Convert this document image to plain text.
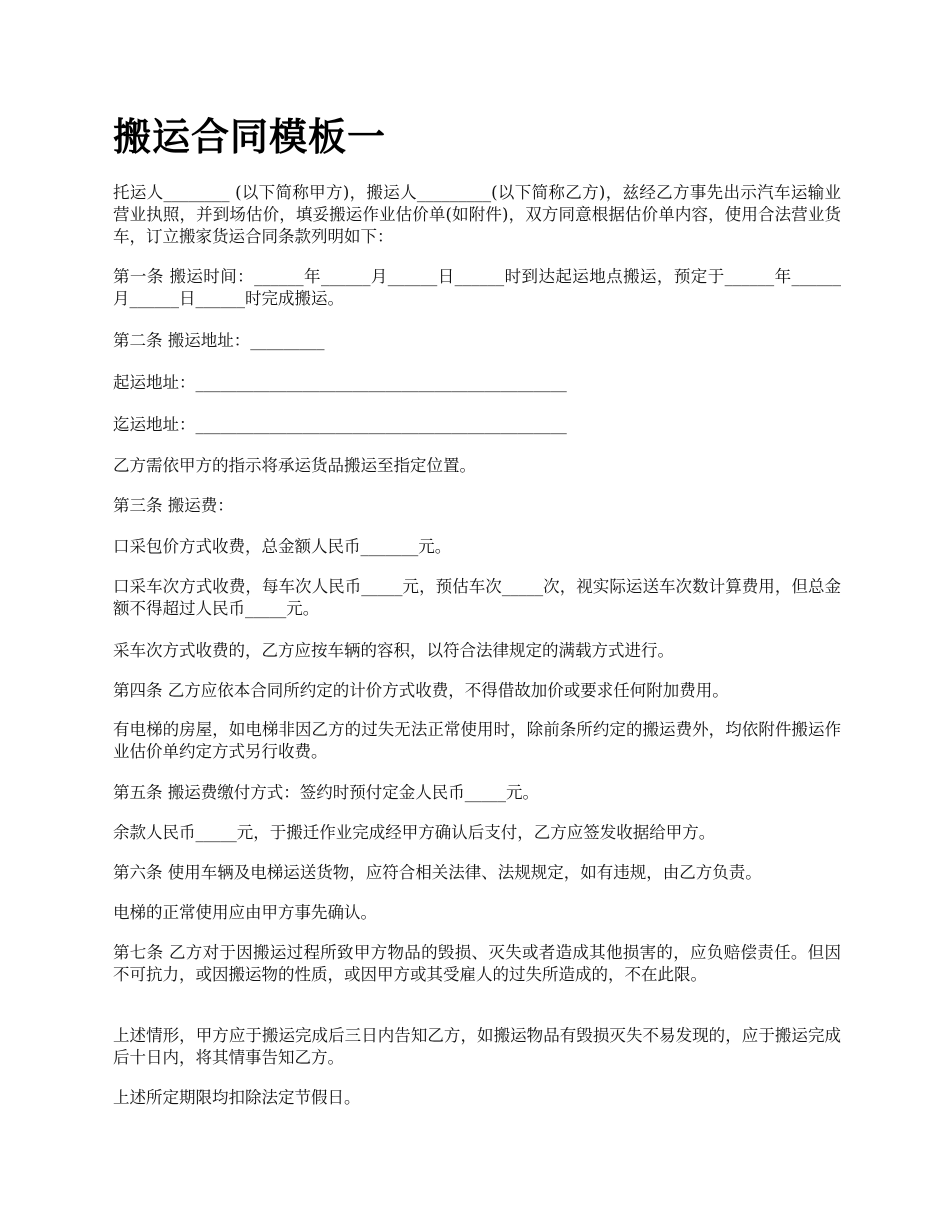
搬运合同模板一

托运人________ (以下简称甲方)，搬运人_________(以下简称乙方)，兹经乙方事先出示汽车运输业营业执照，并到场估价，填妥搬运作业估价单(如附件)，双方同意根据估价单内容，使用合法营业货车，订立搬家货运合同条款列明如下：

第一条 搬运时间：______年______月______日______时到达起运地点搬运，预定于______年______月______日______时完成搬运。

第二条 搬运地址：_________

起运地址：_____________________________________________

迄运地址：_____________________________________________

乙方需依甲方的指示将承运货品搬运至指定位置。

第三条 搬运费：

口采包价方式收费，总金额人民币_______元。

口采车次方式收费，每车次人民币_____元，预估车次_____次，视实际运送车次数计算费用，但总金额不得超过人民币_____元。

采车次方式收费的，乙方应按车辆的容积，以符合法律规定的满载方式进行。

第四条 乙方应依本合同所约定的计价方式收费，不得借故加价或要求任何附加费用。

有电梯的房屋，如电梯非因乙方的过失无法正常使用时，除前条所约定的搬运费外，均依附件搬运作业估价单约定方式另行收费。

第五条 搬运费缴付方式：签约时预付定金人民币_____元。

余款人民币_____元，于搬迁作业完成经甲方确认后支付，乙方应签发收据给甲方。

第六条 使用车辆及电梯运送货物，应符合相关法律、法规规定，如有违规，由乙方负责。

电梯的正常使用应由甲方事先确认。

第七条 乙方对于因搬运过程所致甲方物品的毁损、灭失或者造成其他损害的，应负赔偿责任。但因不可抗力，或因搬运物的性质，或因甲方或其受雇人的过失所造成的，不在此限。

上述情形，甲方应于搬运完成后三日内告知乙方，如搬运物品有毁损灭失不易发现的，应于搬运完成后十日内，将其情事告知乙方。

上述所定期限均扣除法定节假日。
